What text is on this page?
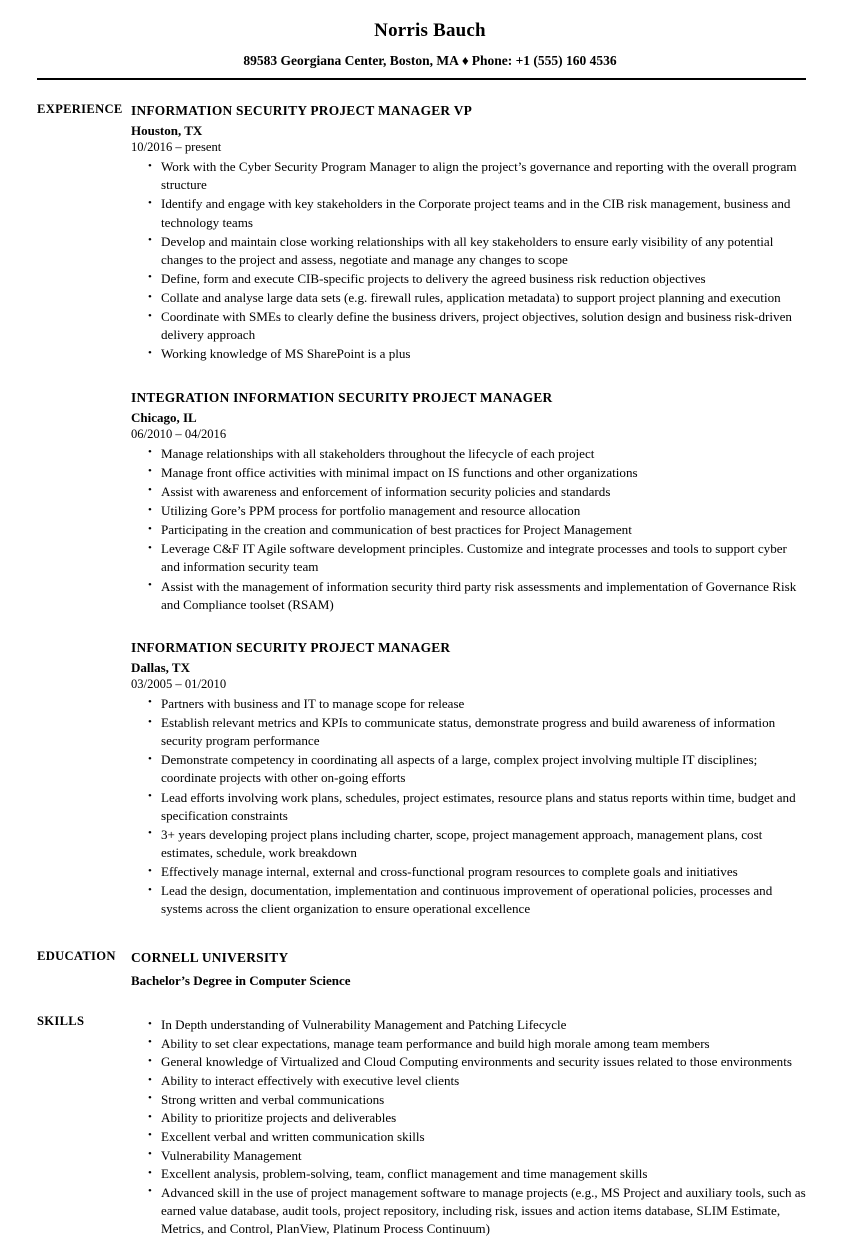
Norris Bauch
89583 Georgiana Center, Boston, MA ♦ Phone: +1 (555) 160 4536
EXPERIENCE INFORMATION SECURITY PROJECT MANAGER VP
Houston, TX
10/2016 – present
• Work with the Cyber Security Program Manager to align the project’s governance and reporting with the overall program structure
• Identify and engage with key stakeholders in the Corporate project teams and in the CIB risk management, business and technology teams
• Develop and maintain close working relationships with all key stakeholders to ensure early visibility of any potential changes to the project and assess, negotiate and manage any changes to scope
• Define, form and execute CIB-specific projects to delivery the agreed business risk reduction objectives
• Collate and analyse large data sets (e.g. firewall rules, application metadata) to support project planning and execution
• Coordinate with SMEs to clearly define the business drivers, project objectives, solution design and business risk-driven delivery approach
• Working knowledge of MS SharePoint is a plus
INTEGRATION INFORMATION SECURITY PROJECT MANAGER
Chicago, IL
06/2010 – 04/2016
• Manage relationships with all stakeholders throughout the lifecycle of each project
• Manage front office activities with minimal impact on IS functions and other organizations
• Assist with awareness and enforcement of information security policies and standards
• Utilizing Gore’s PPM process for portfolio management and resource allocation
• Participating in the creation and communication of best practices for Project Management
• Leverage C&F IT Agile software development principles. Customize and integrate processes and tools to support cyber and information security team
• Assist with the management of information security third party risk assessments and implementation of Governance Risk and Compliance toolset (RSAM)
INFORMATION SECURITY PROJECT MANAGER
Dallas, TX
03/2005 – 01/2010
• Partners with business and IT to manage scope for release
• Establish relevant metrics and KPIs to communicate status, demonstrate progress and build awareness of information security program performance
• Demonstrate competency in coordinating all aspects of a large, complex project involving multiple IT disciplines; coordinate projects with other on-going efforts
• Lead efforts involving work plans, schedules, project estimates, resource plans and status reports within time, budget and specification constraints
• 3+ years developing project plans including charter, scope, project management approach, management plans, cost estimates, schedule, work breakdown
• Effectively manage internal, external and cross-functional program resources to complete goals and initiatives
• Lead the design, documentation, implementation and continuous improvement of operational policies, processes and systems across the client organization to ensure operational excellence
EDUCATION	CORNELL UNIVERSITY
Bachelor’s Degree in Computer Science
SKILLS	• In Depth understanding of Vulnerability Management and Patching Lifecycle
• Ability to set clear expectations, manage team performance and build high morale among team members
• General knowledge of Virtualized and Cloud Computing environments and security issues related to those environments
• Ability to interact effectively with executive level clients
• Strong written and verbal communications
• Ability to prioritize projects and deliverables
• Excellent verbal and written communication skills
• Vulnerability Management
• Excellent analysis, problem-solving, team, conflict management and time management skills
• Advanced skill in the use of project management software to manage projects (e.g., MS Project and auxiliary tools, such as earned value database, audit tools, project repository, including risk, issues and action items database, SLIM Estimate, Metrics, and Control, PlanView, Platinum Process Continuum)
